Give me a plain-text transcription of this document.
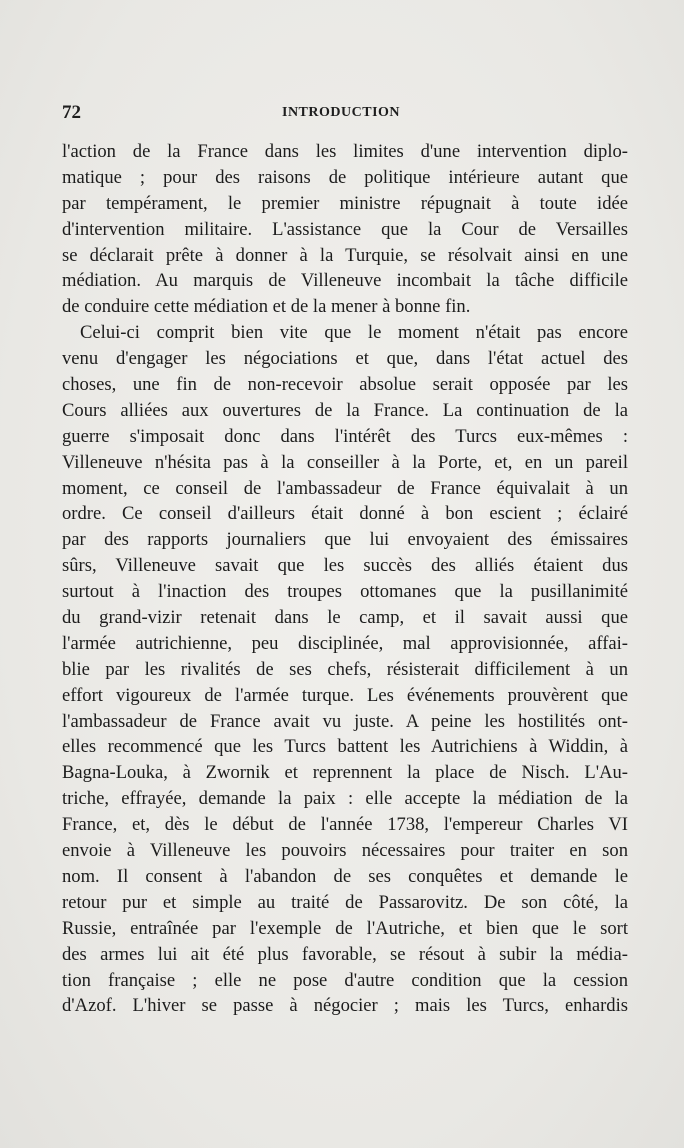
72	INTRODUCTION
l'action de la France dans les limites d'une intervention diplo-
matique ; pour des raisons de politique intérieure autant que
par tempérament, le premier ministre répugnait à toute idée
d'intervention militaire. L'assistance que la Cour de Versailles
se déclarait prête à donner à la Turquie, se résolvait ainsi en une
médiation. Au marquis de Villeneuve incombait la tâche difficile
de conduire cette médiation et de la mener à bonne fin.
Celui-ci comprit bien vite que le moment n'était pas encore
venu d'engager les négociations et que, dans l'état actuel des
choses, une fin de non-recevoir absolue serait opposée par les
Cours alliées aux ouvertures de la France. La continuation de la
guerre s'imposait donc dans l'intérêt des Turcs eux-mêmes :
Villeneuve n'hésita pas à la conseiller à la Porte, et, en un pareil
moment, ce conseil de l'ambassadeur de France équivalait à un
ordre. Ce conseil d'ailleurs était donné à bon escient ; éclairé
par des rapports journaliers que lui envoyaient des émissaires
sûrs, Villeneuve savait que les succès des alliés étaient dus
surtout à l'inaction des troupes ottomanes que la pusillanimité
du grand-vizir retenait dans le camp, et il savait aussi que
l'armée autrichienne, peu disciplinée, mal approvisionnée, affai-
blie par les rivalités de ses chefs, résisterait difficilement à un
effort vigoureux de l'armée turque. Les événements prouvèrent que
l'ambassadeur de France avait vu juste. A peine les hostilités ont-
elles recommencé que les Turcs battent les Autrichiens à Widdin, à
Bagna-Louka, à Zwornik et reprennent la place de Nisch. L'Au-
triche, effrayée, demande la paix : elle accepte la médiation de la
France, et, dès le début de l'année 1738, l'empereur Charles VI
envoie à Villeneuve les pouvoirs nécessaires pour traiter en son
nom. Il consent à l'abandon de ses conquêtes et demande le
retour pur et simple au traité de Passarovitz. De son côté, la
Russie, entraînée par l'exemple de l'Autriche, et bien que le sort
des armes lui ait été plus favorable, se résout à subir la média-
tion française ; elle ne pose d'autre condition que la cession
d'Azof. L'hiver se passe à négocier ; mais les Turcs, enhardis
